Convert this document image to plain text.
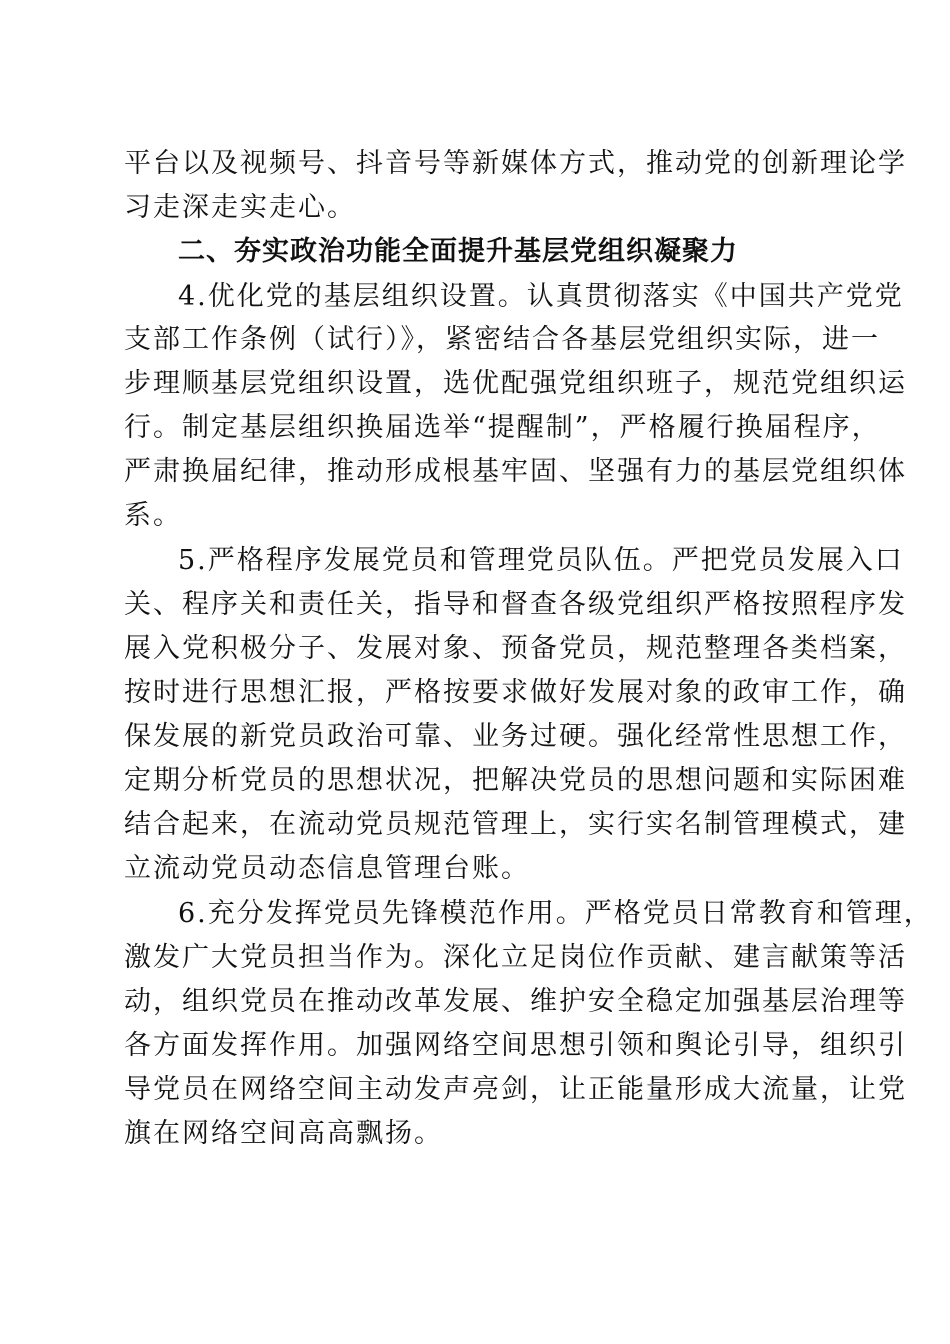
平台以及视频号、抖音号等新媒体方式，推动党的创新理论学
习走深走实走心。
二、夯实政治功能全面提升基层党组织凝聚力
4.优化党的基层组织设置。认真贯彻落实《中国共产党党
支部工作条例（试行）》，紧密结合各基层党组织实际，进一
步理顺基层党组织设置，选优配强党组织班子，规范党组织运
行。制定基层组织换届选举“提醒制”，严格履行换届程序，
严肃换届纪律，推动形成根基牢固、坚强有力的基层党组织体
系。
5.严格程序发展党员和管理党员队伍。严把党员发展入口
关、程序关和责任关，指导和督查各级党组织严格按照程序发
展入党积极分子、发展对象、预备党员，规范整理各类档案，
按时进行思想汇报，严格按要求做好发展对象的政审工作，确
保发展的新党员政治可靠、业务过硬。强化经常性思想工作，
定期分析党员的思想状况，把解决党员的思想问题和实际困难
结合起来，在流动党员规范管理上，实行实名制管理模式，建
立流动党员动态信息管理台账。
6.充分发挥党员先锋模范作用。严格党员日常教育和管理，
激发广大党员担当作为。深化立足岗位作贡献、建言献策等活
动，组织党员在推动改革发展、维护安全稳定加强基层治理等
各方面发挥作用。加强网络空间思想引领和舆论引导，组织引
导党员在网络空间主动发声亮剑，让正能量形成大流量，让党
旗在网络空间高高飘扬。
